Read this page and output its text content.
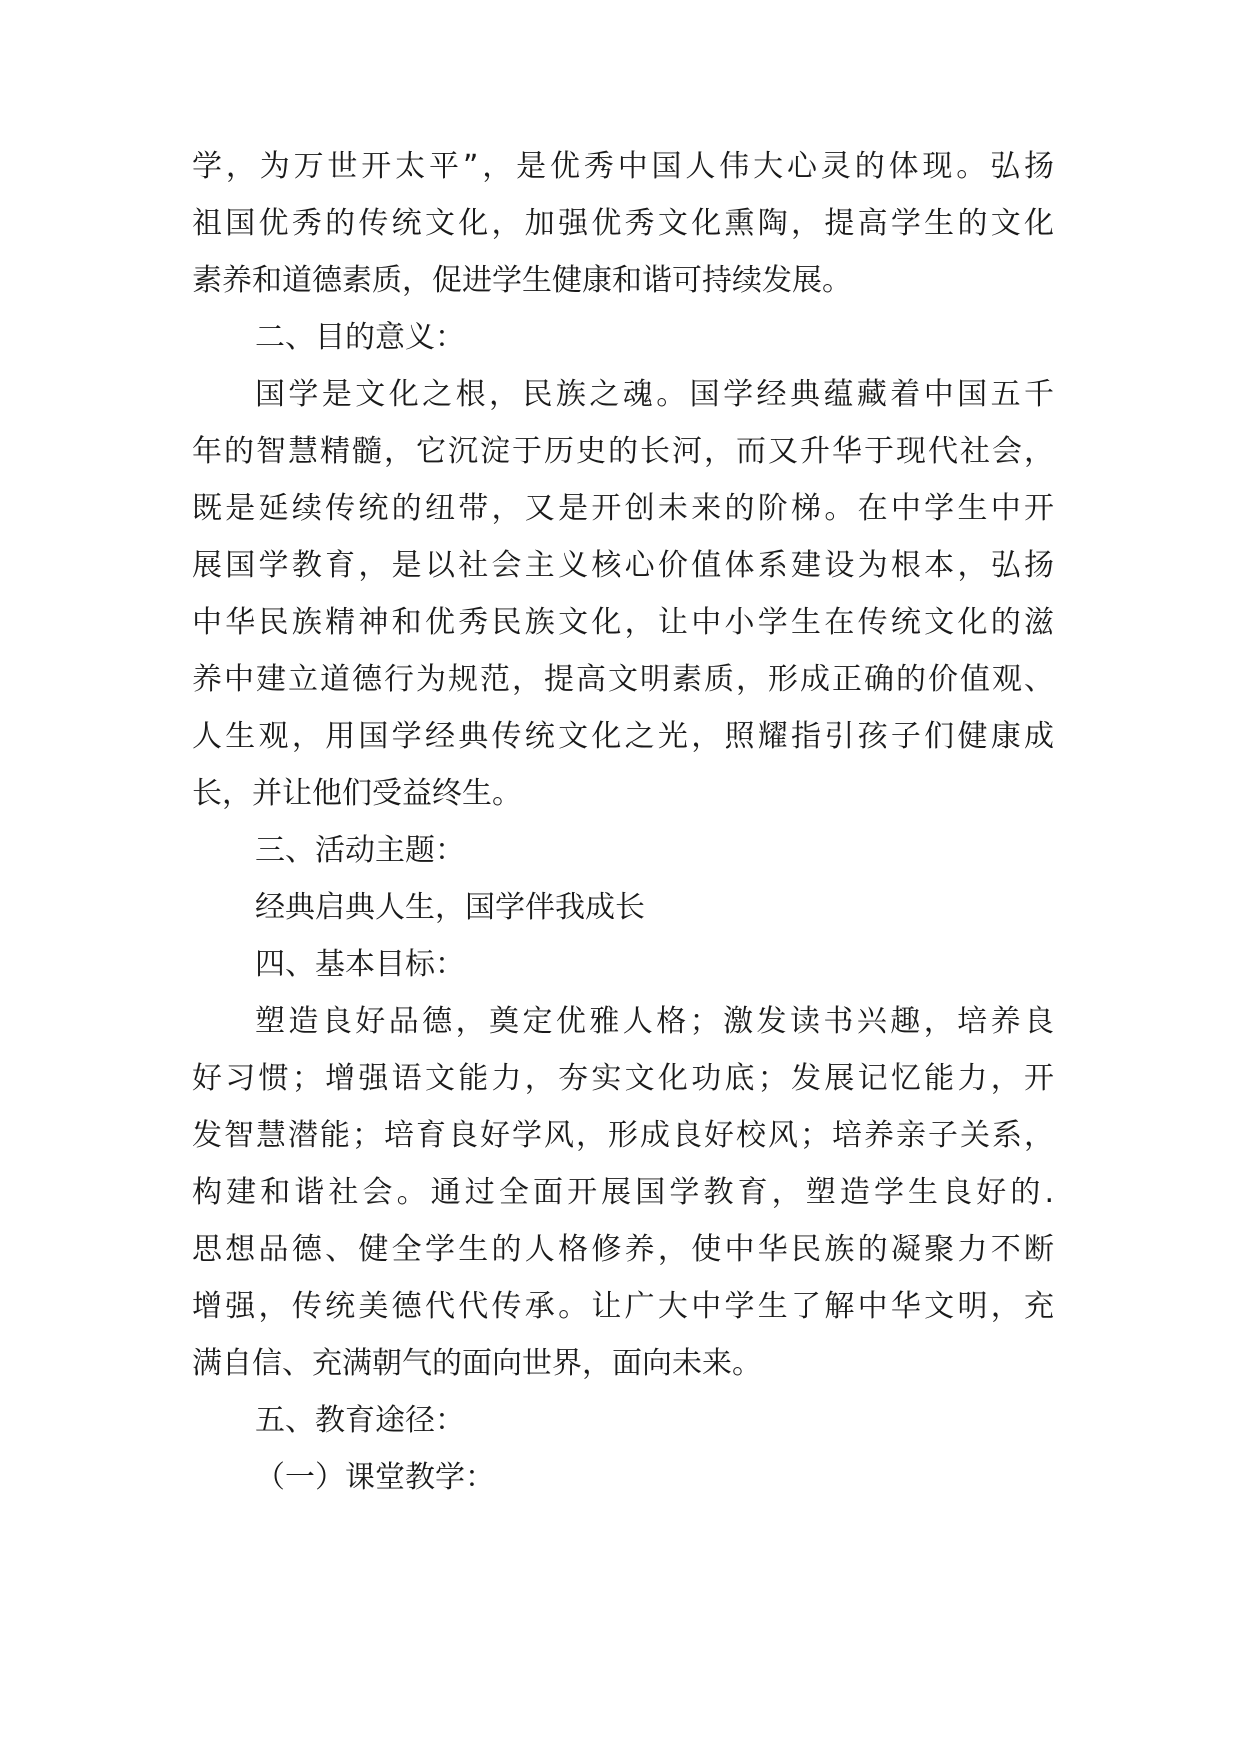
学，为万世开太平”，是优秀中国人伟大心灵的体现。弘扬
祖国优秀的传统文化，加强优秀文化熏陶，提高学生的文化
素养和道德素质，促进学生健康和谐可持续发展。
二、目的意义：
国学是文化之根，民族之魂。国学经典蕴藏着中国五千
年的智慧精髓，它沉淀于历史的长河，而又升华于现代社会，
既是延续传统的纽带，又是开创未来的阶梯。在中学生中开
展国学教育，是以社会主义核心价值体系建设为根本，弘扬
中华民族精神和优秀民族文化，让中小学生在传统文化的滋
养中建立道德行为规范，提高文明素质，形成正确的价值观、
人生观，用国学经典传统文化之光，照耀指引孩子们健康成
长，并让他们受益终生。
三、活动主题：
经典启典人生，国学伴我成长
四、基本目标：
塑造良好品德，奠定优雅人格；激发读书兴趣，培养良
好习惯；增强语文能力，夯实文化功底；发展记忆能力，开
发智慧潜能；培育良好学风，形成良好校风；培养亲子关系，
构建和谐社会。通过全面开展国学教育，塑造学生良好的.
思想品德、健全学生的人格修养，使中华民族的凝聚力不断
增强，传统美德代代传承。让广大中学生了解中华文明，充
满自信、充满朝气的面向世界，面向未来。
五、教育途径：
（一）课堂教学：
